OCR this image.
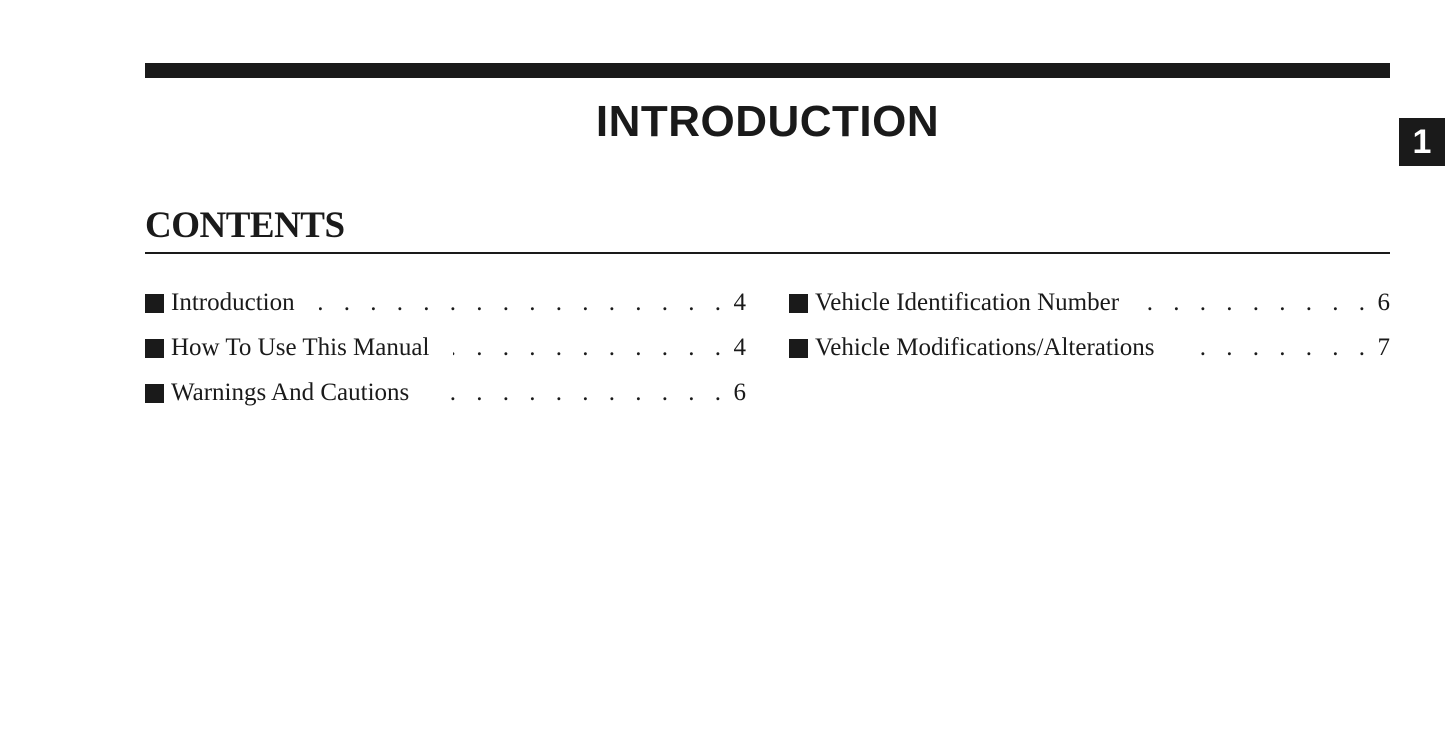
INTRODUCTION	1
CONTENTS
Introduction . . .	4
How To Use This Manual . . .	4
Warnings And Cautions . . .	6
Vehicle Identification Number . . .	6
Vehicle Modifications/Alterations . . .	7
